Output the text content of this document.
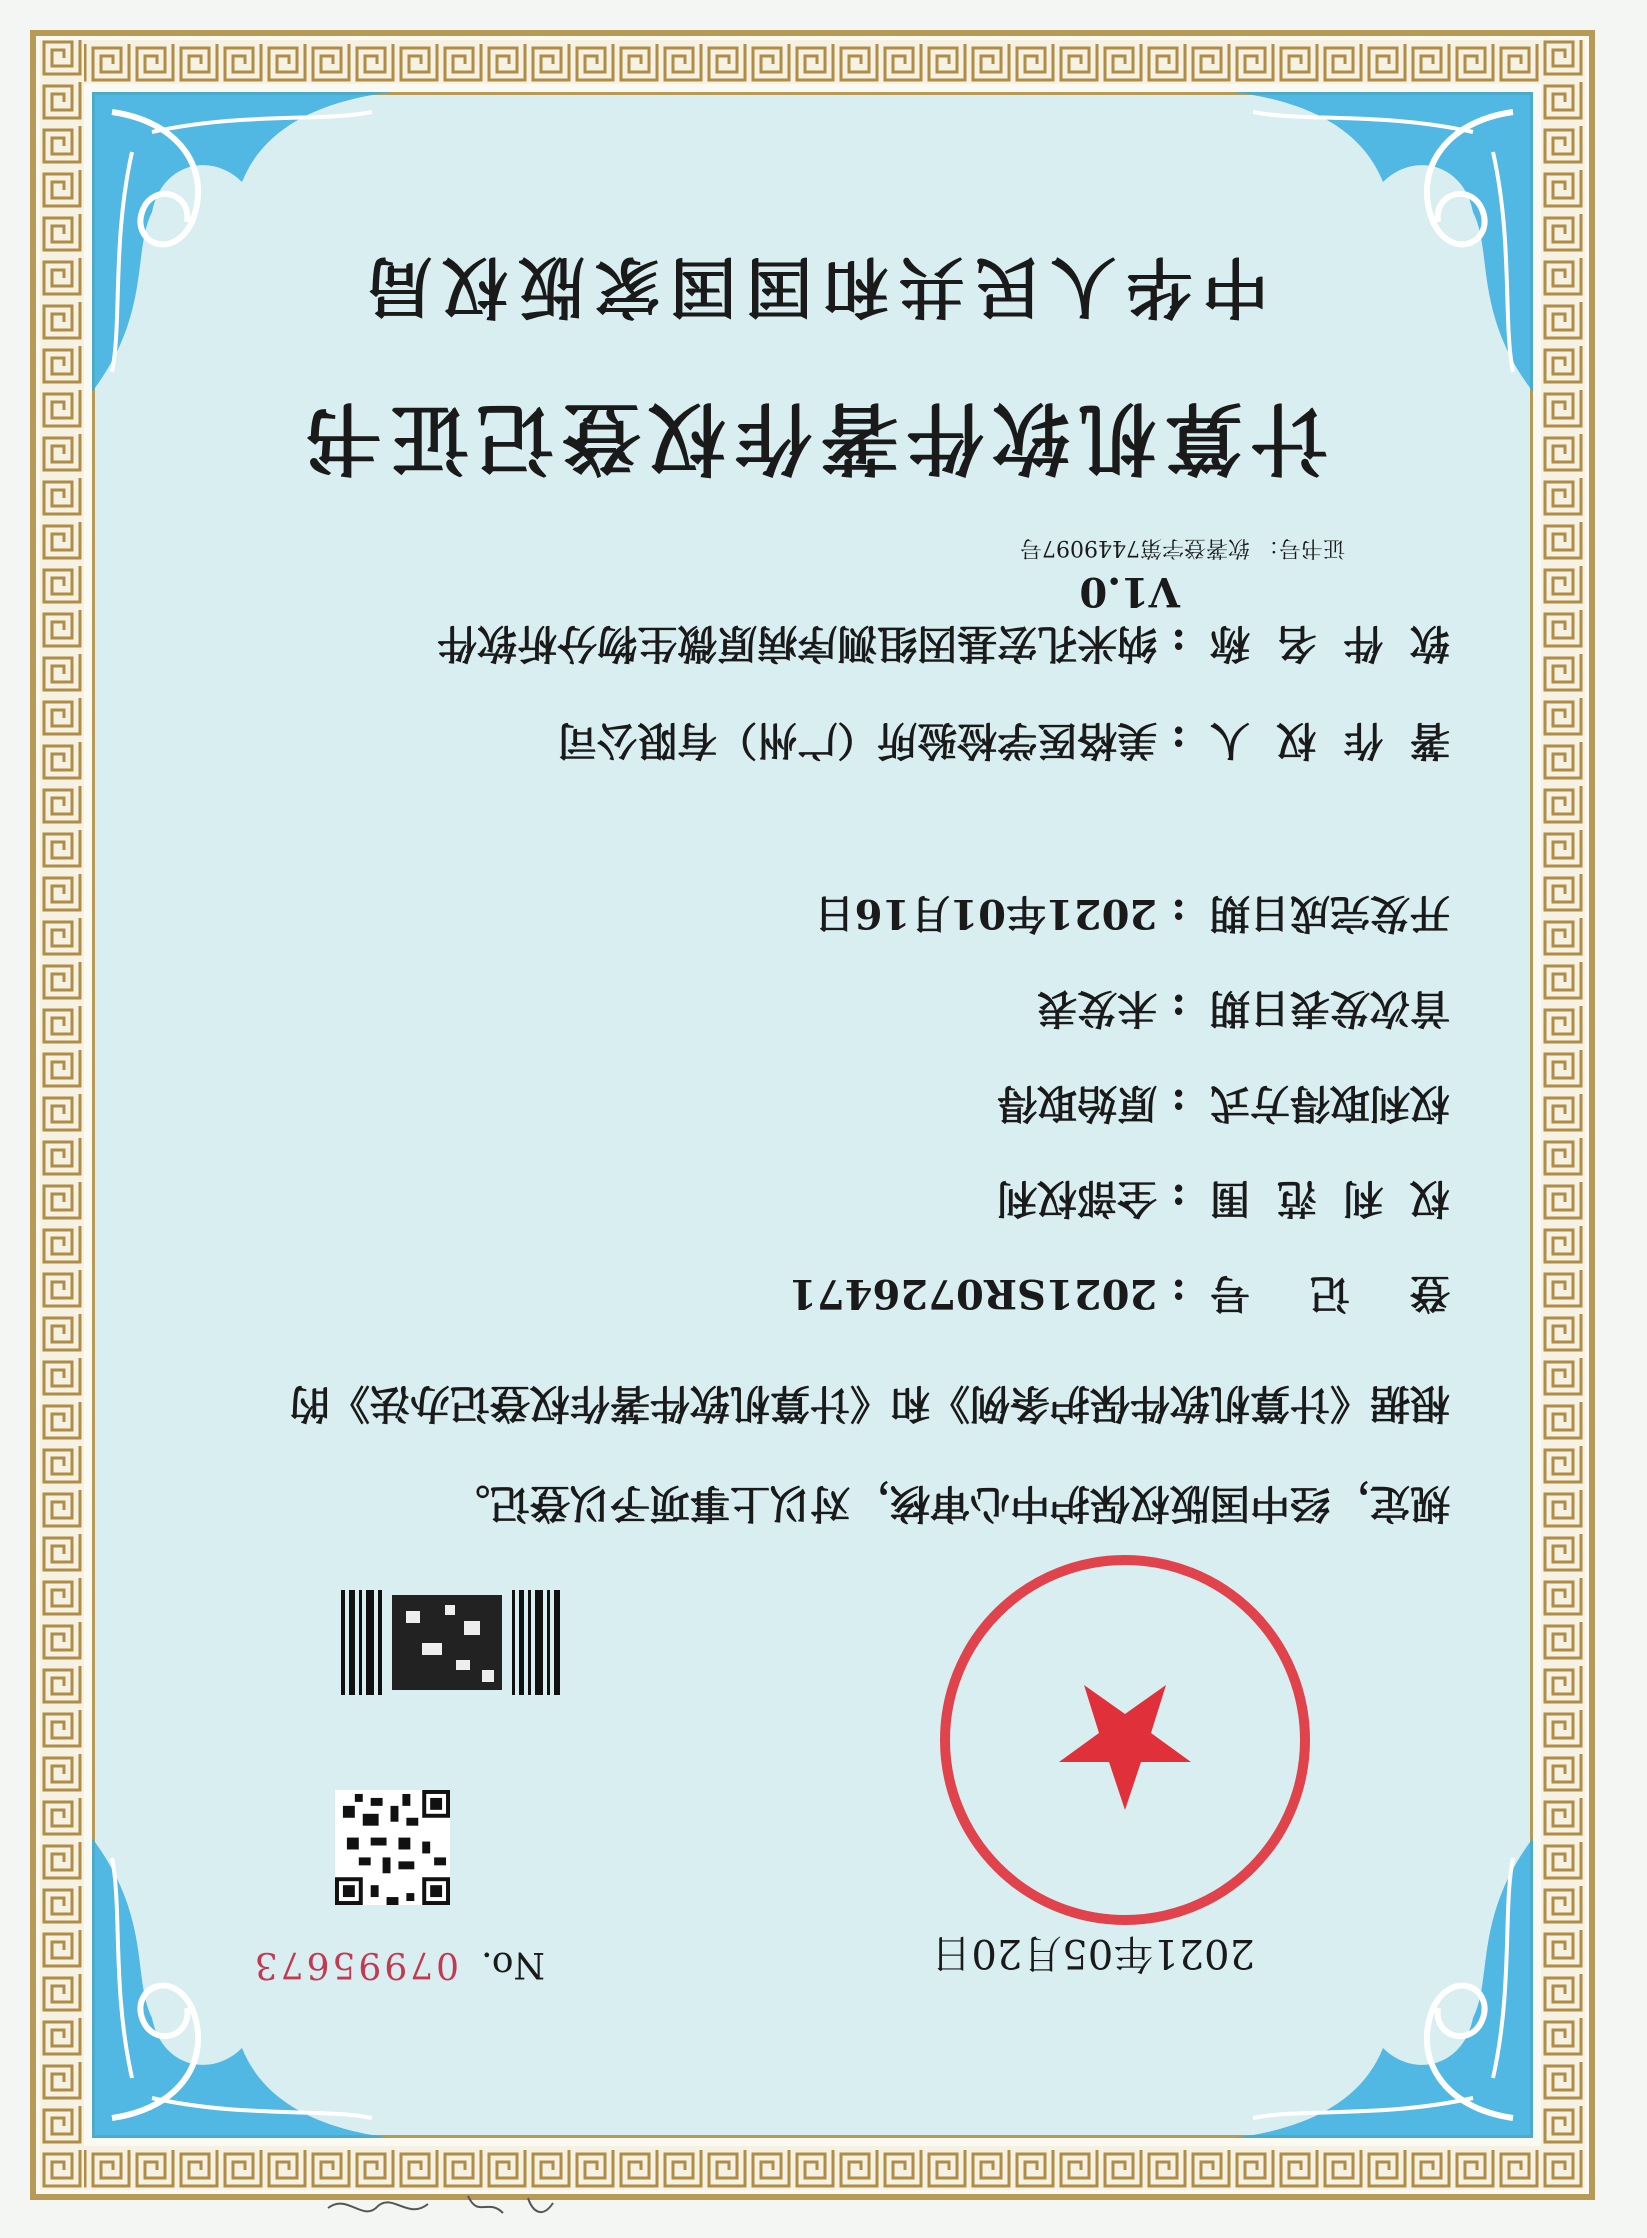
中华人民共和国国家版权局
计算机软件著作权登记证书
证书号： 软著登字第7449097号
软件名称: 纳米孔宏基因组测序病原微生物分析软件
V1.0
著作权人: 美格医学检验所（广州）有限公司
开发完成日期: 2021年01月16日
首次发表日期: 未发表
权利取得方式: 原始取得
权利范围: 全部权利
登记号: 2021SR0726471
根据《计算机软件保护条例》和《计算机软件著作权登记办法》的
规定，经中国版权保护中心审核，对以上事项予以登记。
No.07995673	2021年05月20日
